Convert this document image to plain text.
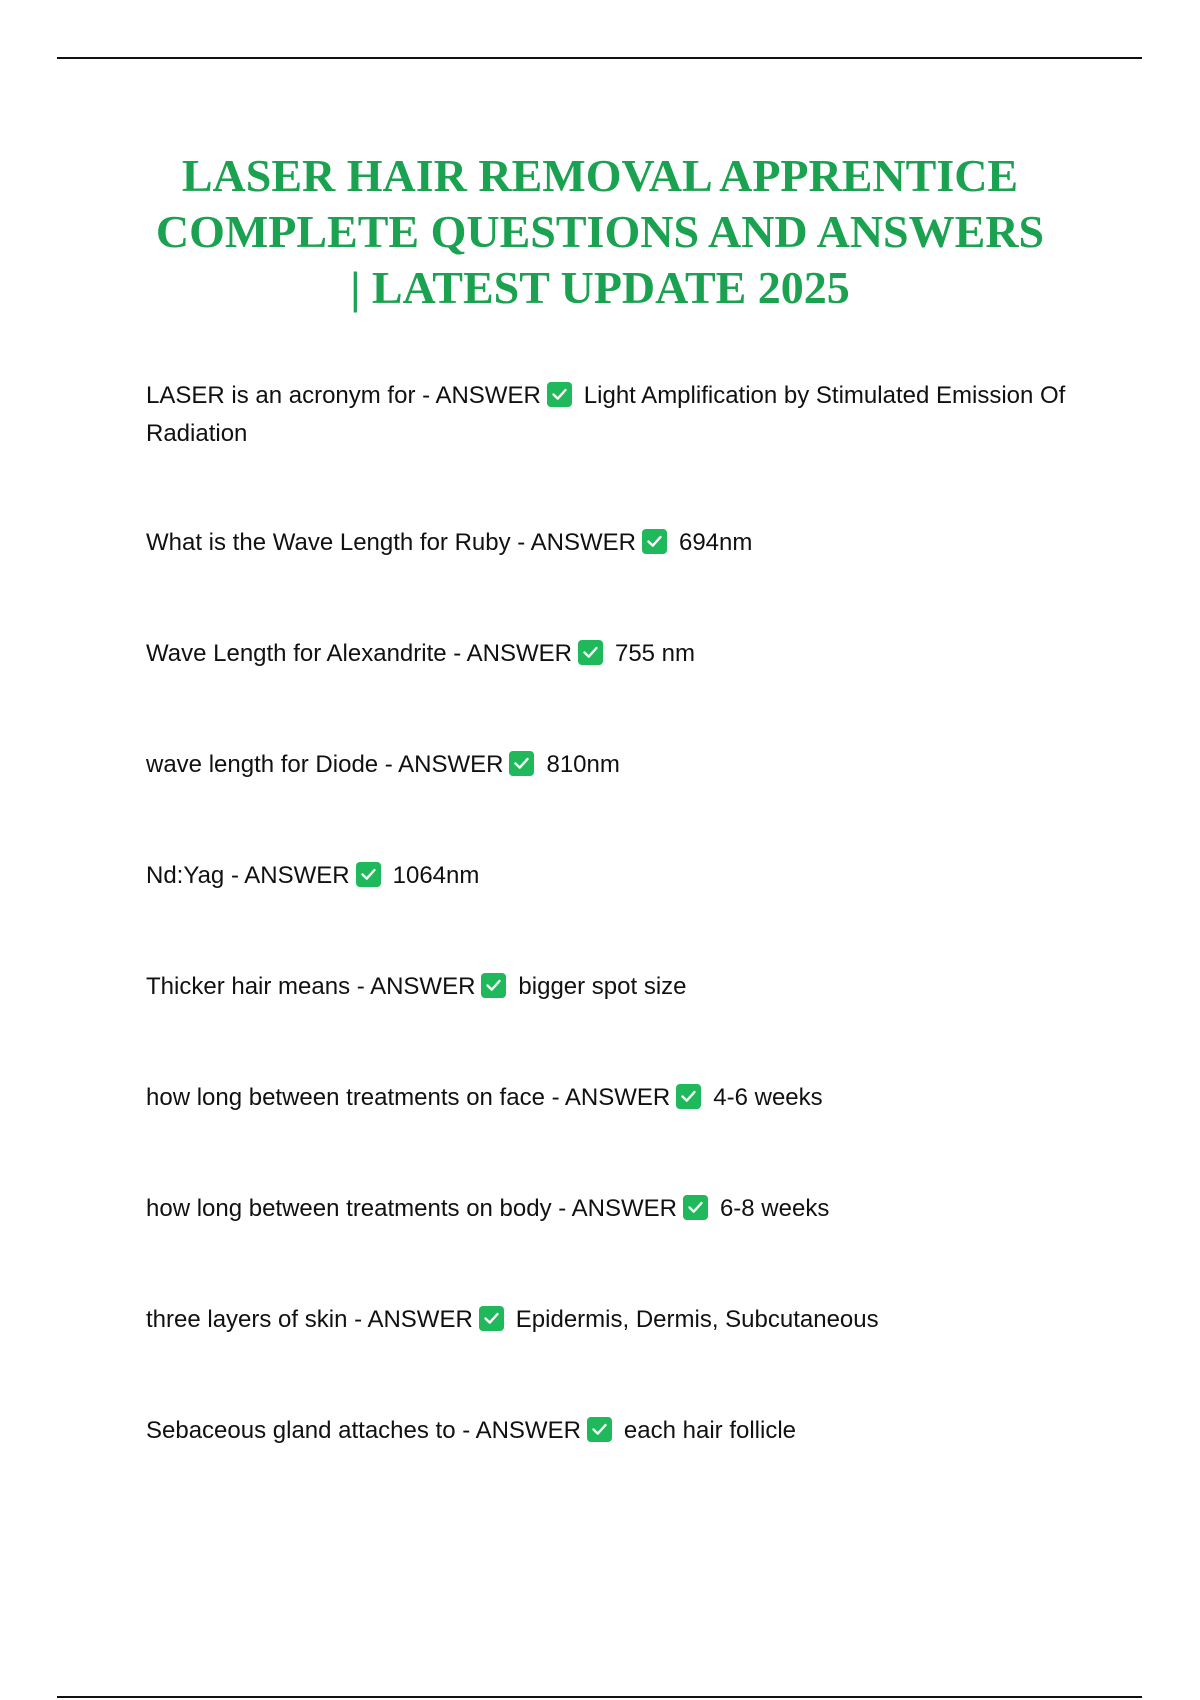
LASER HAIR REMOVAL APPRENTICE
COMPLETE QUESTIONS AND ANSWERS
| LATEST UPDATE 2025
LASER is an acronym for - ANSWER Light Amplification by Stimulated Emission Of Radiation
What is the Wave Length for Ruby - ANSWER 694nm
Wave Length for Alexandrite - ANSWER 755 nm
wave length for Diode - ANSWER 810nm
Nd:Yag - ANSWER 1064nm
Thicker hair means - ANSWER bigger spot size
how long between treatments on face - ANSWER 4-6 weeks
how long between treatments on body - ANSWER 6-8 weeks
three layers of skin - ANSWER Epidermis, Dermis, Subcutaneous
Sebaceous gland attaches to - ANSWER each hair follicle
